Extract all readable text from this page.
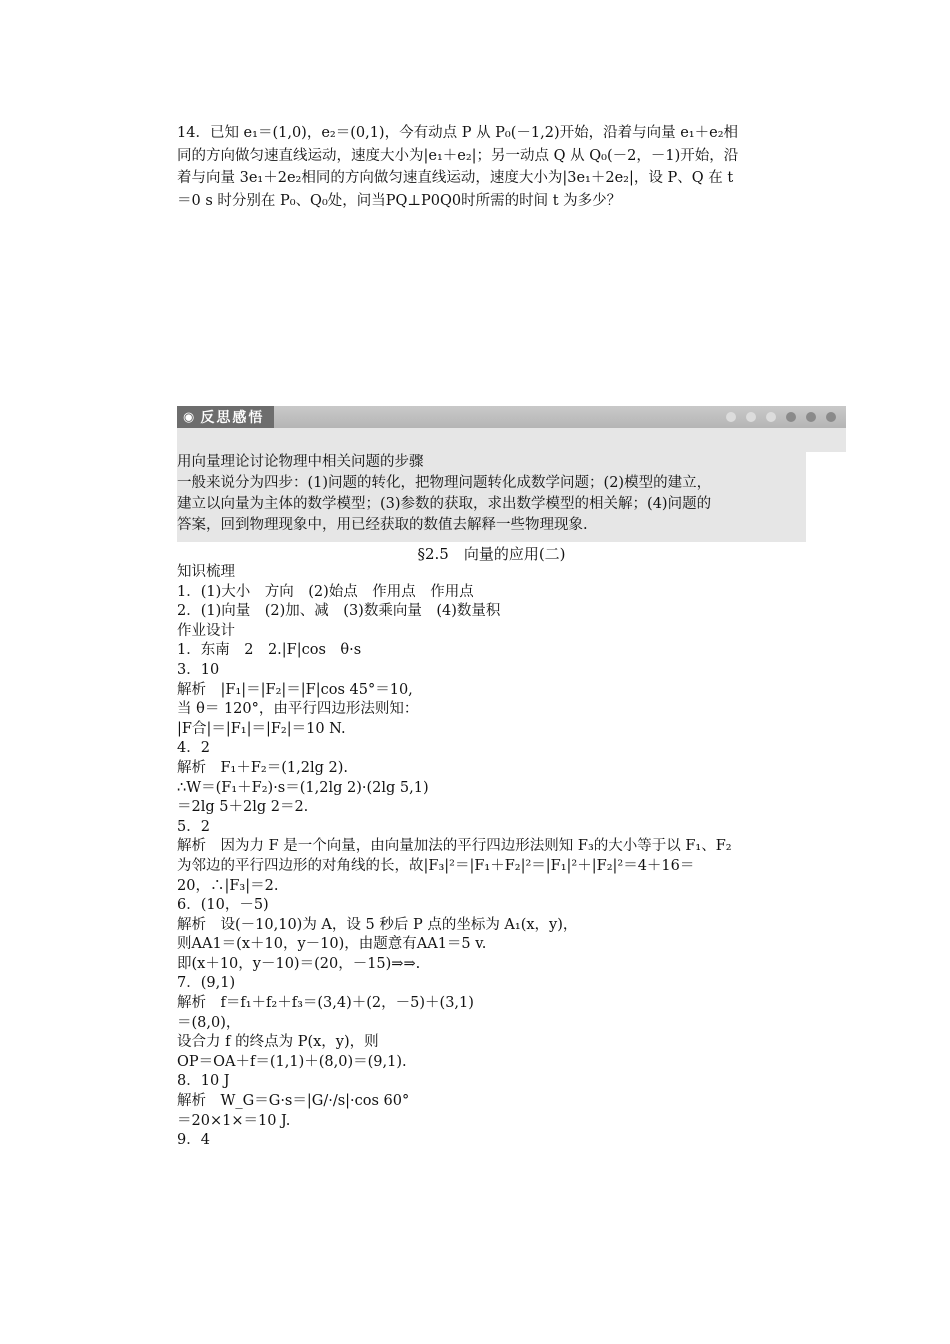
14．已知 e₁＝(1,0)，e₂＝(0,1)，今有动点 P 从 P₀(－1,2)开始，沿着与向量 e₁＋e₂相

同的方向做匀速直线运动，速度大小为|e₁＋e₂|；另一动点 Q 从 Q₀(－2，－1)开始，沿

着与向量 3e₁＋2e₂相同的方向做匀速直线运动，速度大小为|3e₁＋2e₂|，设 P、Q 在 t

＝0 s 时分别在 P₀、Q₀处，问当PQ⊥P0Q0时所需的时间 t 为多少？

◉ 反思感悟

用向量理论讨论物理中相关问题的步骤

一般来说分为四步：(1)问题的转化，把物理问题转化成数学问题；(2)模型的建立，

建立以向量为主体的数学模型；(3)参数的获取，求出数学模型的相关解；(4)问题的

答案，回到物理现象中，用已经获取的数值去解释一些物理现象.

§2.5　向量的应用(二)

知识梳理

1．(1)大小　方向　(2)始点　作用点　作用点

2．(1)向量　(2)加、减　(3)数乘向量　(4)数量积

作业设计

1．东南　2　2.|F|cos　θ·s

3．10

解析　|F₁|＝|F₂|＝|F|cos 45°＝10,

当 θ＝ 120°，由平行四边形法则知：

|F合|＝|F₁|＝|F₂|＝10 N.

4．2

解析　F₁＋F₂＝(1,2lg 2).

∴W＝(F₁＋F₂)·s＝(1,2lg 2)·(2lg 5,1)

＝2lg 5＋2lg 2＝2.

5．2

解析　因为力 F 是一个向量，由向量加法的平行四边形法则知 F₃的大小等于以 F₁、F₂

为邻边的平行四边形的对角线的长，故|F₃|²＝|F₁＋F₂|²＝|F₁|²＋|F₂|²＝4＋16＝

20，∴|F₃|＝2.

6．(10，－5)

解析　设(－10,10)为 A，设 5 秒后 P 点的坐标为 A₁(x，y)，

则AA1＝(x＋10，y－10)，由题意有AA1＝5 v.

即(x＋10，y－10)＝(20，－15)⇒⇒.

7．(9,1)

解析　f＝f₁＋f₂＋f₃＝(3,4)＋(2，－5)＋(3,1)

＝(8,0)，

设合力 f 的终点为 P(x，y)，则

OP＝OA＋f＝(1,1)＋(8,0)＝(9,1).

8．10 J

解析　W_G＝G·s＝|G/·/s|·cos 60°

＝20×1×＝10 J.

9．4
